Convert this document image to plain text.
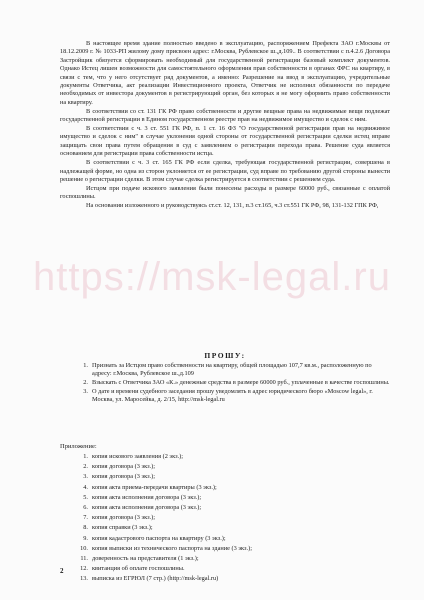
В настоящее время здание полностью введено в эксплуатацию, распоряжением Префекта ЗАО г.Москвы от 18.12.2009 г. № 1033-РП жилому дому присвоен адрес: г.Москва, Рублевское ш.,д.109.. В соответствии с п.4.2.6 Договора Застройщик обязуется сформировать необходимый для государственной регистрации базовый комплект документов. Однако Истец лишен возможности для самостоятельного оформления прав собственности в органах ФРС на квартиру, в связи с тем, что у него отсутствует ряд документов, а именно: Разрешение на ввод в эксплуатацию, учредительные документы Ответчика, акт реализации Инвестиционного проекта, Ответчик не исполнил обязанности по передаче необходимых от инвестора документов в регистрирующий орган, без которых я не могу оформить право собственности на квартиру.

В соответствии со ст. 131 ГК РФ право собственности и другие вещные права на недвижимые вещи подлежат государственной регистрации в Едином государственном реестре прав на недвижимое имущество и сделок с ним.

В соответствии с ч. 3 ст. 551 ГК РФ, п. 1 ст. 16 ФЗ "О государственной регистрации прав на недвижимое имущество и сделок с ним" в случае уклонения одной стороны от государственной регистрации сделки истец вправе защищать свои права путем обращения в суд с заявлением о регистрации перехода права. Решение суда является основанием для регистрации права собственности истца.

В соответствии с ч. 3 ст. 165 ГК РФ если сделка, требующая государственной регистрации, совершена в надлежащей форме, но одна из сторон уклоняется от ее регистрации, суд вправе по требованию другой стороны вынести решение о регистрации сделки. В этом случае сделка регистрируется в соответствии с решением суда.

Истцом при подаче искового заявления были понесены расходы в размере 60000 руб., связанные с оплатой госпошлины.

На основании изложенного и руководствуясь ст.ст. 12, 131, п.3 ст.165, ч.3 ст.551 ГК РФ, 98, 131-132 ГПК РФ,

ПРОШУ:
1. Признать за Истцом право собственности на квартиру, общей площадью 107,7 кв.м., расположенную по адресу: г.Москва, Рублевское ш.,д.109
2. Взыскать с Ответчика ЗАО «К.» денежные средства в размере 60000 руб., уплаченные в качестве госпошлины.
3. О дате и времени судебного заседания прошу уведомлять в адрес юридического бюро «Moscow legal», г. Москва, ул. Маросейка, д. 2/15, http://msk-legal.ru
Приложение:
1. копия искового заявления (2 экз.);
2. копия договора (3 экз.);
3. копия договора (3 экз.);
4. копия акта приема-передачи квартиры (3 экз.);
5. копия акта исполнения договора (3 экз.);
6. копия акта исполнения договора (3 экз.);
7. копия договора (3 экз.);
8. копия справки (3 экз.);
9. копия кадастрового паспорта на квартиру (3 экз.);
10. копия выписки из технического паспорта на здание (3 экз.);
11. доверенность на представителя (1 экз.);
12. квитанция об оплате госпошлины.
13. выписка из ЕГРЮЛ (7 стр.) (http://msk-legal.ru)
2
https://msk-legal.ru
